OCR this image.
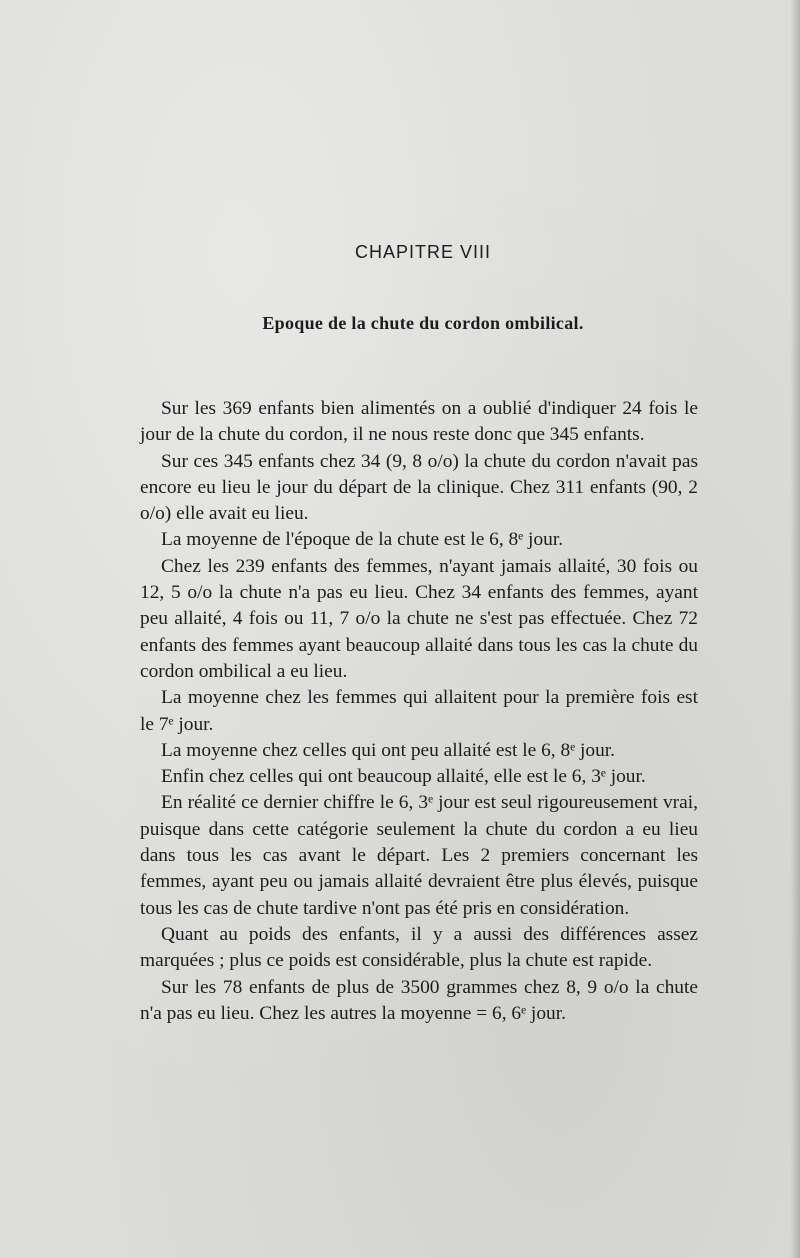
CHAPITRE VIII
Epoque de la chute du cordon ombilical.

Sur les 369 enfants bien alimentés on a oublié d'indiquer 24 fois le jour de la chute du cordon, il ne nous reste donc que 345 enfants.

Sur ces 345 enfants chez 34 (9, 8 o/o) la chute du cordon n'avait pas encore eu lieu le jour du départ de la clinique. Chez 311 enfants (90, 2 o/o) elle avait eu lieu.

La moyenne de l'époque de la chute est le 6, 8ᵉ jour.

Chez les 239 enfants des femmes, n'ayant jamais allaité, 30 fois ou 12, 5 o/o la chute n'a pas eu lieu. Chez 34 enfants des femmes, ayant peu allaité, 4 fois ou 11, 7 o/o la chute ne s'est pas effectuée. Chez 72 enfants des femmes ayant beaucoup allaité dans tous les cas la chute du cordon ombilical a eu lieu.

La moyenne chez les femmes qui allaitent pour la première fois est le 7ᵉ jour.

La moyenne chez celles qui ont peu allaité est le 6, 8ᵉ jour.

Enfin chez celles qui ont beaucoup allaité, elle est le 6, 3ᵉ jour.

En réalité ce dernier chiffre le 6, 3ᵉ jour est seul rigoureusement vrai, puisque dans cette catégorie seulement la chute du cordon a eu lieu dans tous les cas avant le départ. Les 2 premiers concernant les femmes, ayant peu ou jamais allaité devraient être plus élevés, puisque tous les cas de chute tardive n'ont pas été pris en considération.

Quant au poids des enfants, il y a aussi des différences assez marquées ; plus ce poids est considérable, plus la chute est rapide.

Sur les 78 enfants de plus de 3500 grammes chez 8, 9 o/o la chute n'a pas eu lieu. Chez les autres la moyenne = 6, 6ᵉ jour.
